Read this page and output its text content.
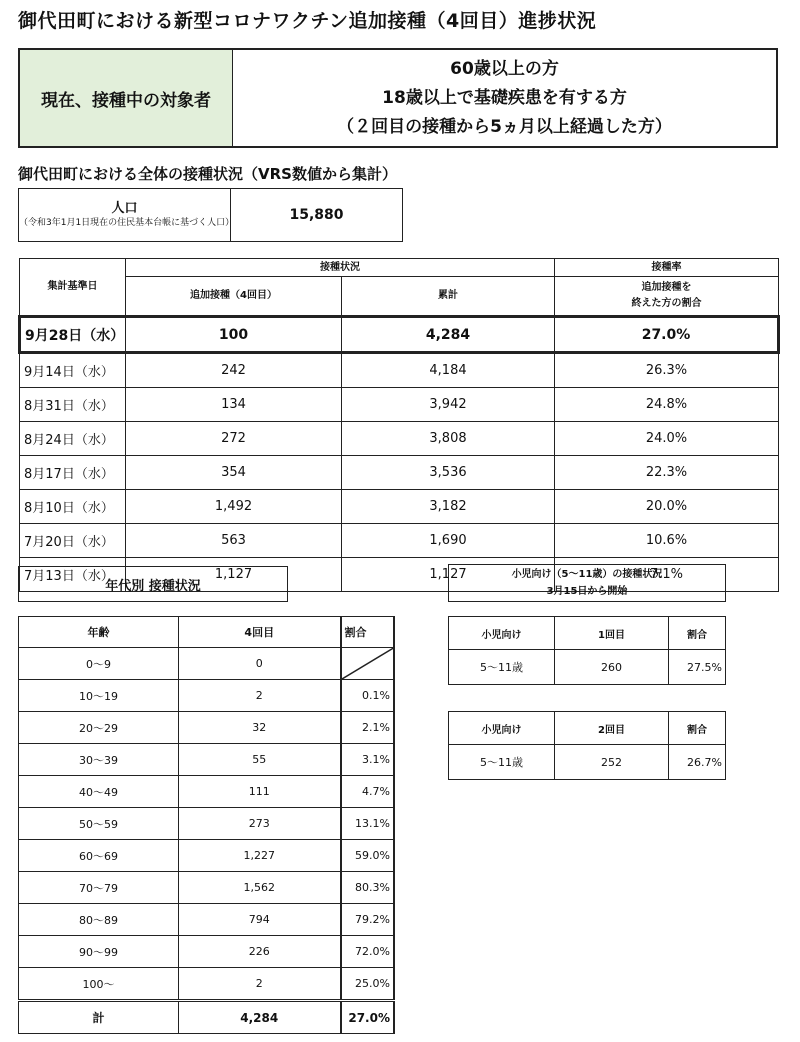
御代田町における新型コロナワクチン追加接種（4回目）進捗状況
現在、接種中の対象者
60歳以上の方
18歳以上で基礎疾患を有する方
（２回目の接種から5ヵ月以上経過した方）
御代田町における全体の接種状況（VRS数値から集計）
人口
（令和3年1月1日現在の住民基本台帳に基づく人口）	15,880
集計基準日	接種状況		接種率
	追加接種（4回目）	累計	追加接種を
終えた方の割合

9月28日（水）	100	4,284	27.0%
9月14日（水）	242	4,184	26.3%
8月31日（水）	134	3,942	24.8%
8月24日（水）	272	3,808	24.0%
8月17日（水）	354	3,536	22.3%
8月10日（水）	1,492	3,182	20.0%
7月20日（水）	563	1,690	10.6%
7月13日（水）	1,127	1,127	7.1%
年代別 接種状況
年齢	4回目	割合
0～9	0	

10～19	2	0.1%
20～29	32	2.1%
30～39	55	3.1%
40～49	111	4.7%
50～59	273	13.1%
60～69	1,227	59.0%
70～79	1,562	80.3%
80～89	794	79.2%
90～99	226	72.0%
100～	2	25.0%
計	4,284	27.0%
小児向け（5～11歳）の接種状況
3月15日から開始
小児向け	1回目	割合
5～11歳	260	27.5%
小児向け	2回目	割合
5～11歳	252	26.7%
